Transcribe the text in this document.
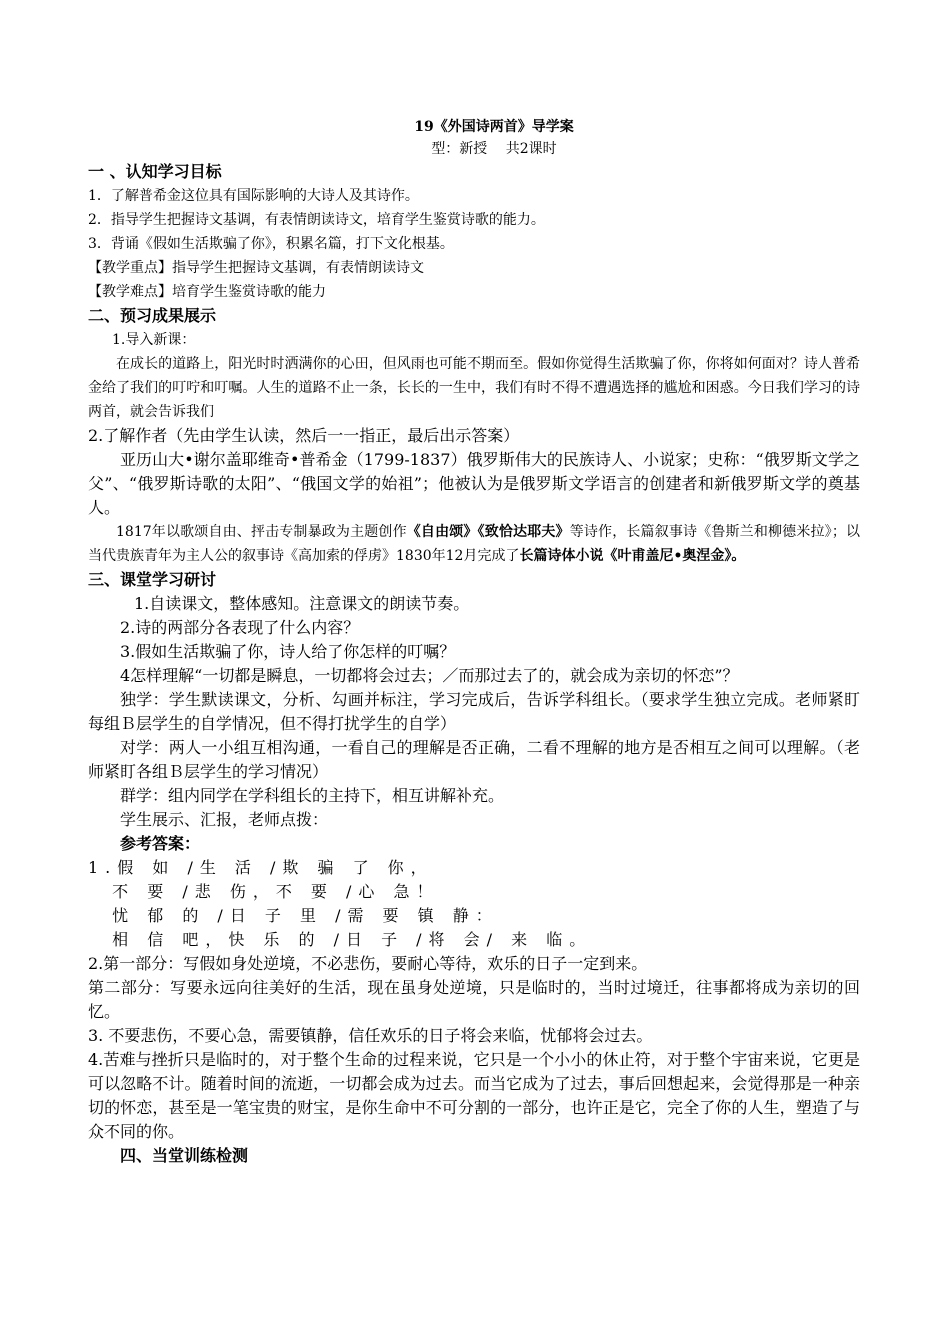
19《外国诗两首》导学案
型：新授　 共2课时
一 、认知学习目标
1．了解普希金这位具有国际影响的大诗人及其诗作。
2．指导学生把握诗文基调，有表情朗读诗文，培育学生鉴赏诗歌的能力。
3．背诵《假如生活欺骗了你》，积累名篇，打下文化根基。
【教学重点】指导学生把握诗文基调，有表情朗读诗文
【教学难点】培育学生鉴赏诗歌的能力
二、预习成果展示
1.导入新课：
在成长的道路上，阳光时时洒满你的心田，但风雨也可能不期而至。假如你觉得生活欺骗了你，你将如何面对？诗人普希金给了我们的叮咛和叮嘱。人生的道路不止一条，长长的一生中，我们有时不得不遭遇选择的尴尬和困惑。今日我们学习的诗两首，就会告诉我们
2.了解作者（先由学生认读，然后一一指正，最后出示答案）
亚历山大•谢尔盖耶维奇•普希金（1799-1837）俄罗斯伟大的民族诗人、小说家；史称：“俄罗斯文学之父”、“俄罗斯诗歌的太阳”、“俄国文学的始祖”；他被认为是俄罗斯文学语言的创建者和新俄罗斯文学的奠基人。
1817年以歌颂自由、抨击专制暴政为主题创作《自由颂》《致恰达耶夫》等诗作，长篇叙事诗《鲁斯兰和柳德米拉》；以当代贵族青年为主人公的叙事诗《高加索的俘虏》1830年12月完成了长篇诗体小说《叶甫盖尼•奥涅金》。
三、课堂学习研讨
1.自读课文，整体感知。注意课文的朗读节奏。
2.诗的两部分各表现了什么内容？
3.假如生活欺骗了你，诗人给了你怎样的叮嘱？
4怎样理解“一切都是瞬息，一切都将会过去；／而那过去了的，就会成为亲切的怀恋”？
独学：学生默读课文，分析、勾画并标注，学习完成后，告诉学科组长。（要求学生独立完成。老师紧盯每组Ｂ层学生的自学情况，但不得打扰学生的自学）
对学：两人一小组互相沟通，一看自己的理解是否正确，二看不理解的地方是否相互之间可以理解。（老师紧盯各组Ｂ层学生的学习情况）
群学：组内同学在学科组长的主持下，相互讲解补充。
学生展示、汇报，老师点拨：
参考答案：
1.假 如 /生 活 /欺 骗 了 你，
不 要 /悲 伤，不 要 /心 急！
忧 郁 的 /日 子 里 /需 要 镇 静：
相 信 吧，快 乐 的 /日 子 /将 会/ 来 临。
2.第一部分：写假如身处逆境，不必悲伤，要耐心等待，欢乐的日子一定到来。
第二部分：写要永远向往美好的生活，现在虽身处逆境，只是临时的，当时过境迁，往事都将成为亲切的回忆。
3. 不要悲伤，不要心急，需要镇静，信任欢乐的日子将会来临，忧郁将会过去。
4.苦难与挫折只是临时的，对于整个生命的过程来说，它只是一个小小的休止符，对于整个宇宙来说，它更是可以忽略不计。随着时间的流逝，一切都会成为过去。而当它成为了过去，事后回想起来，会觉得那是一种亲切的怀恋，甚至是一笔宝贵的财宝，是你生命中不可分割的一部分，也许正是它，完全了你的人生，塑造了与众不同的你。
四、当堂训练检测
